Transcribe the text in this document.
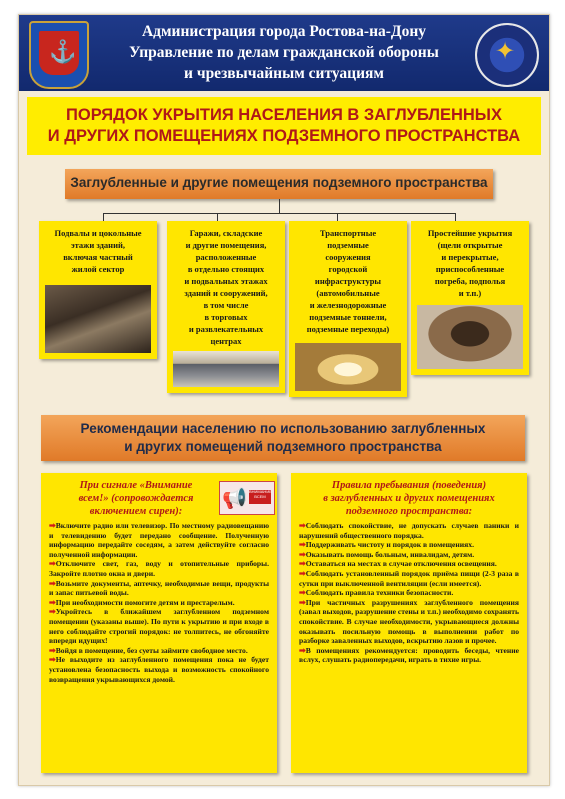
⚓
Администрация города Ростова-на-Дону
Управление по делам гражданской обороны
и чрезвычайным ситуациям
✦
ПОРЯДОК УКРЫТИЯ НАСЕЛЕНИЯ В ЗАГЛУБЛЕННЫХ
И ДРУГИХ ПОМЕЩЕНИЯХ ПОДЗЕМНОГО ПРОСТРАНСТВА
Заглубленные и другие помещения подземного пространства
Подвалы и цокольные
этажи зданий,
включая частный
жилой сектор
Гаражи, складские
и другие помещения,
расположенные
в отдельно стоящих
и подвальных этажах
зданий и сооружений,
в том числе
в торговых
и развлекательных
центрах
Транспортные
подземные
сооружения
городской
инфраструктуры
(автомобильные
и железнодорожные
подземные тоннели,
подземные переходы)
Простейшие укрытия
(щели открытые
и перекрытые,
приспособленные
погреба, подполья
и т.п.)
Рекомендации населению по использованию заглубленных
и других помещений подземного пространства
При сигнале «Внимание
всем!» (сопровождается
включением сирен):
📢 ВНИМАНИЕ ВСЕМ

➡Включите радио или телевизор. По местному радиовещанию и телевидению будет передано сообщение. Полученную информацию передайте соседям, а затем действуйте согласно полученной информации.

➡Отключите свет, газ, воду и отопительные приборы. Закройте плотно окна и двери.

➡Возьмите документы, аптечку, необходимые вещи, продукты и запас питьевой воды.

➡При необходимости помогите детям и престарелым.

➡Укройтесь в ближайшем заглубленном подземном помещении (указаны выше). По пути к укрытию и при входе в него соблюдайте строгий порядок: не толпитесь, не обгоняйте впереди идущих!

➡Войдя в помещение, без суеты займите свободное место.

➡Не выходите из заглубленного помещения пока не будет установлена безопасность выхода и возможность спокойного возвращения укрывающихся домой.

Правила пребывания (поведения)
в заглубленных и других помещениях
подземного пространства:

➡Соблюдать спокойствие, не допускать случаев паники и нарушений общественного порядка.

➡Поддерживать чистоту и порядок в помещениях.

➡Оказывать помощь больным, инвалидам, детям.

➡Оставаться на местах в случае отключения освещения.

➡Соблюдать установленный порядок приёма пищи (2-3 раза в сутки при выключенной вентиляции (если имеется).

➡Соблюдать правила техники безопасности.

➡При частичных разрушениях заглубленного помещения (завал выходов, разрушение стены и т.п.) необходимо сохранять спокойствие. В случае необходимости, укрывающиеся должны оказывать посильную помощь в выполнении работ по разборке заваленных выходов, вскрытию лазов и прочее.

➡В помещениях рекомендуется: проводить беседы, чтение вслух, слушать радиопередачи, играть в тихие игры.
